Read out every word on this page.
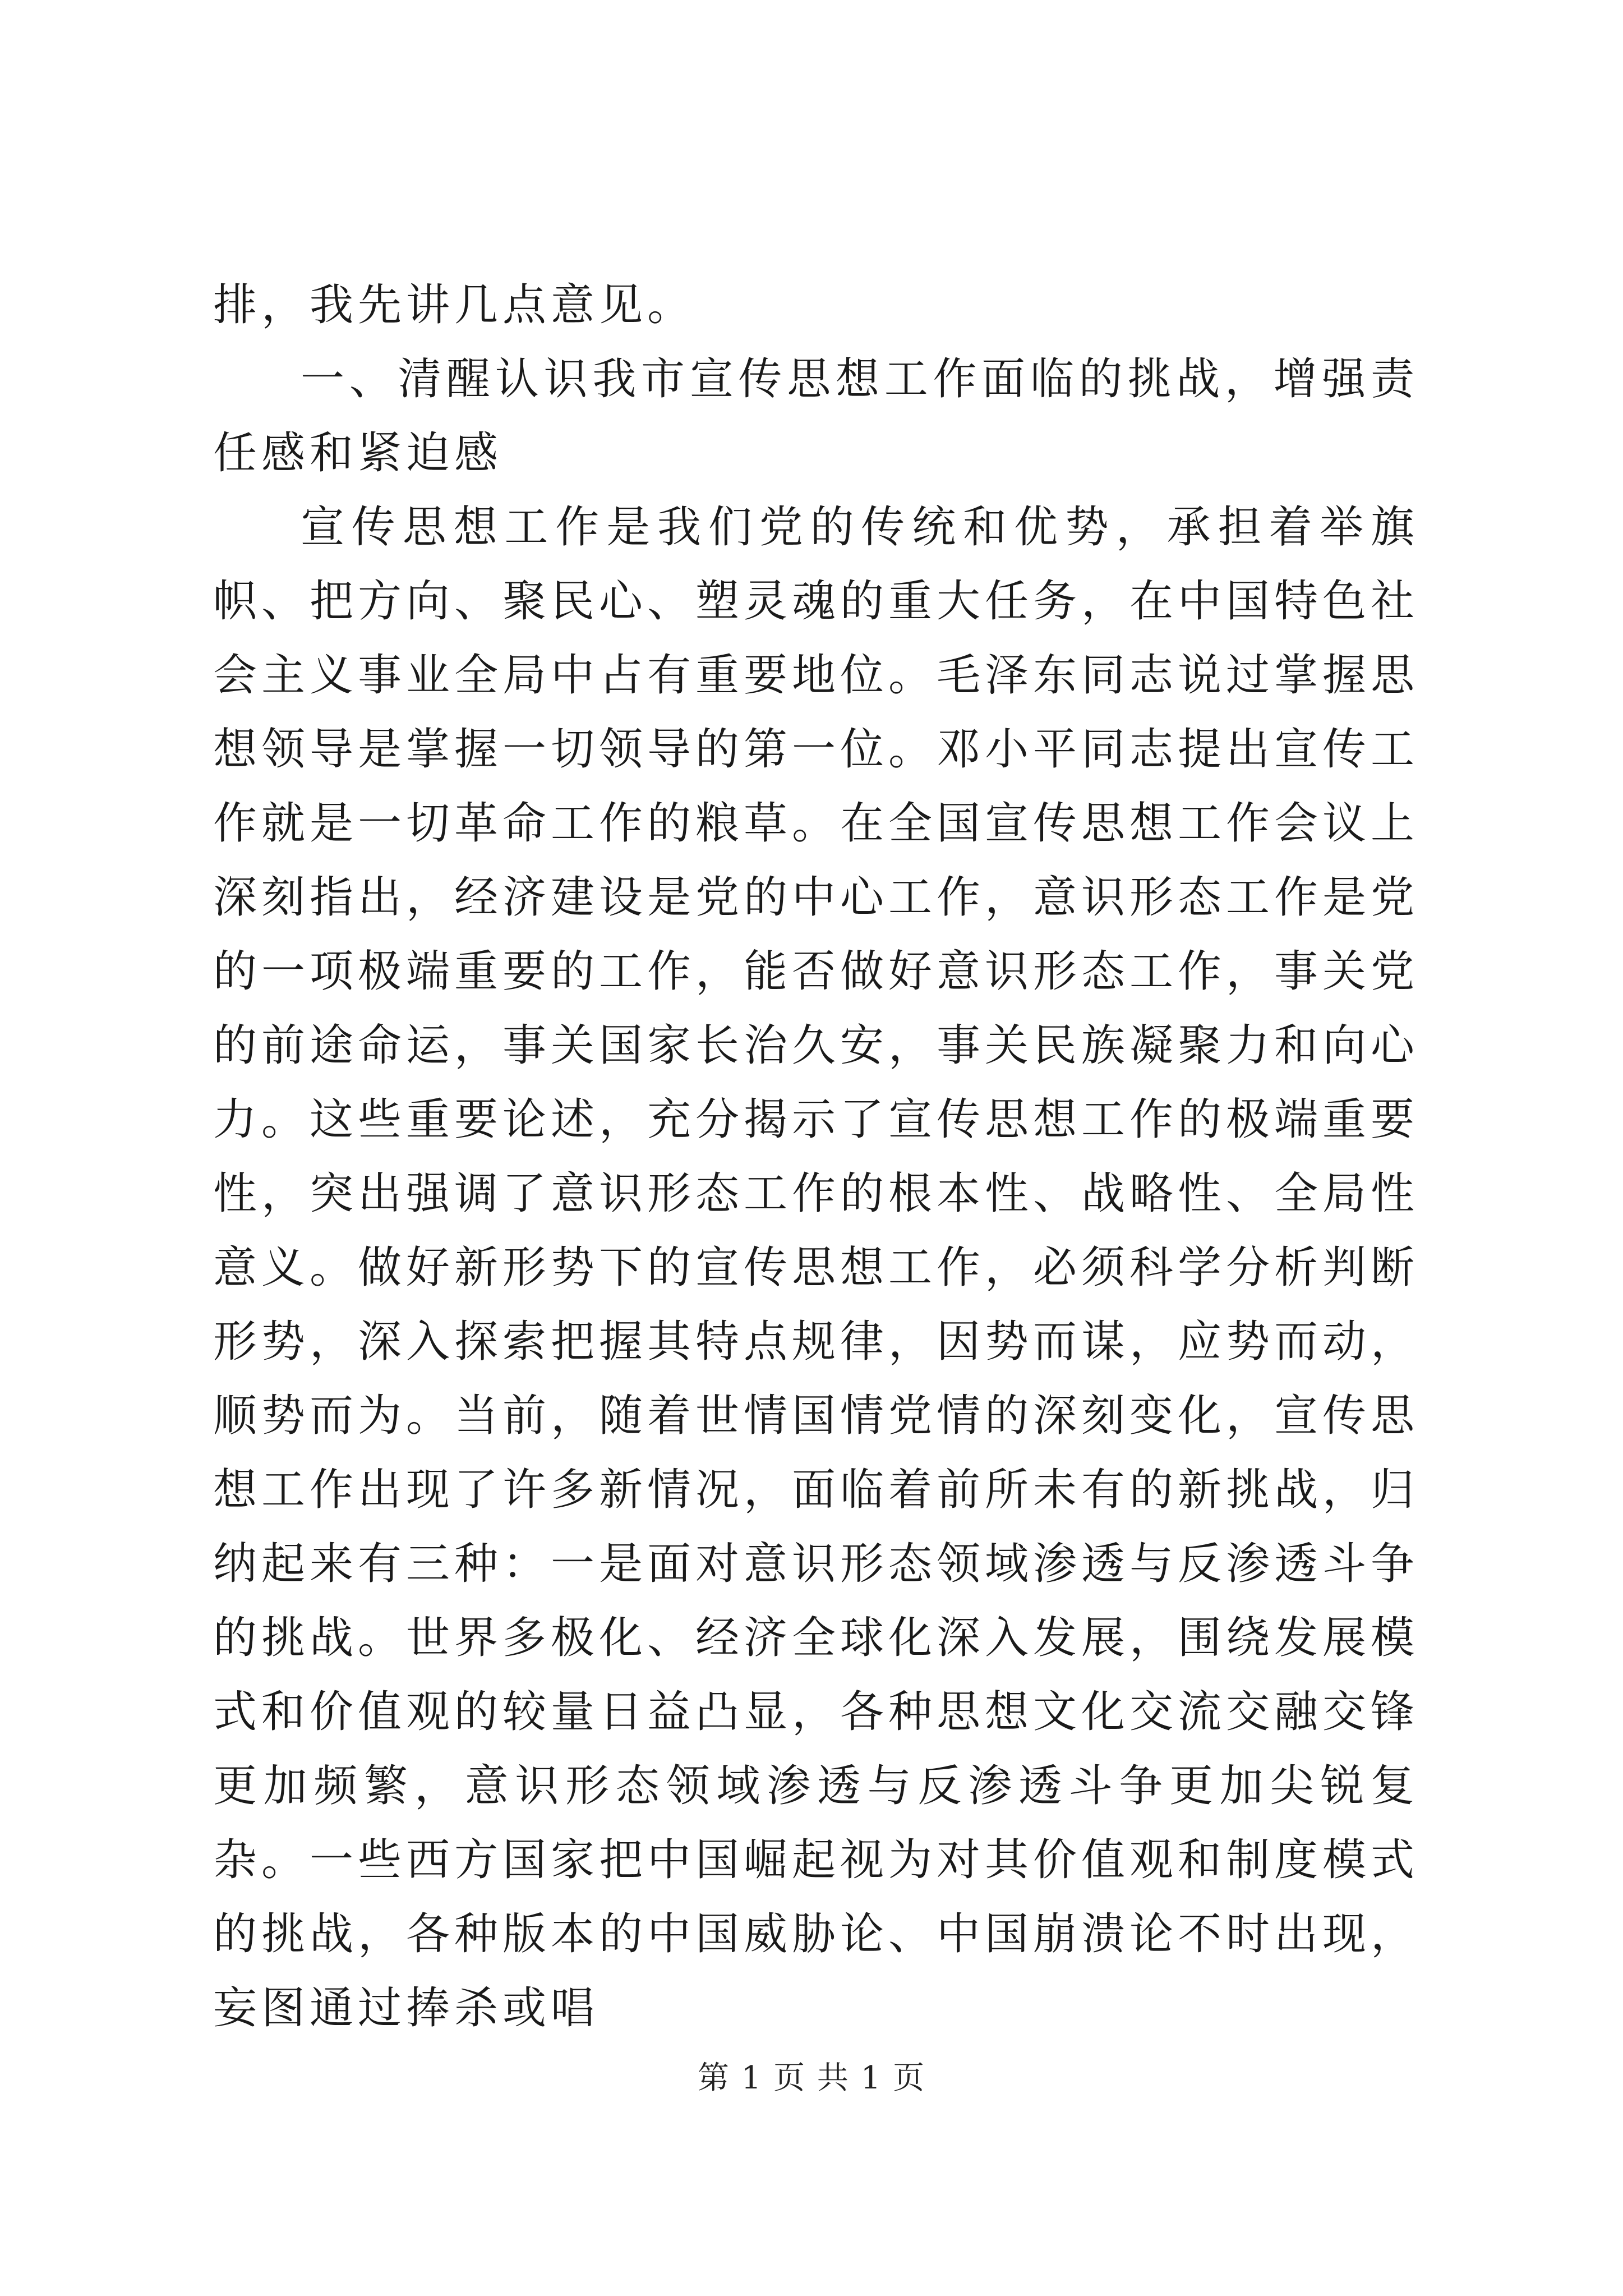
排，我先讲几点意见。

一、清醒认识我市宣传思想工作面临的挑战，增强责任感和紧迫感

宣传思想工作是我们党的传统和优势，承担着举旗帜、把方向、聚民心、塑灵魂的重大任务，在中国特色社会主义事业全局中占有重要地位。毛泽东同志说过掌握思想领导是掌握一切领导的第一位。邓小平同志提出宣传工作就是一切革命工作的粮草。在全国宣传思想工作会议上深刻指出，经济建设是党的中心工作，意识形态工作是党的一项极端重要的工作，能否做好意识形态工作，事关党的前途命运，事关国家长治久安，事关民族凝聚力和向心力。这些重要论述，充分揭示了宣传思想工作的极端重要性，突出强调了意识形态工作的根本性、战略性、全局性意义。做好新形势下的宣传思想工作，必须科学分析判断形势，深入探索把握其特点规律，因势而谋，应势而动，顺势而为。当前，随着世情国情党情的深刻变化，宣传思想工作出现了许多新情况，面临着前所未有的新挑战，归纳起来有三种：一是面对意识形态领域渗透与反渗透斗争的挑战。世界多极化、经济全球化深入发展，围绕发展模式和价值观的较量日益凸显，各种思想文化交流交融交锋更加频繁，意识形态领域渗透与反渗透斗争更加尖锐复杂。一些西方国家把中国崛起视为对其价值观和制度模式的挑战，各种版本的中国威胁论、中国崩溃论不时出现，妄图通过捧杀或唱

第 1 页 共 1 页
